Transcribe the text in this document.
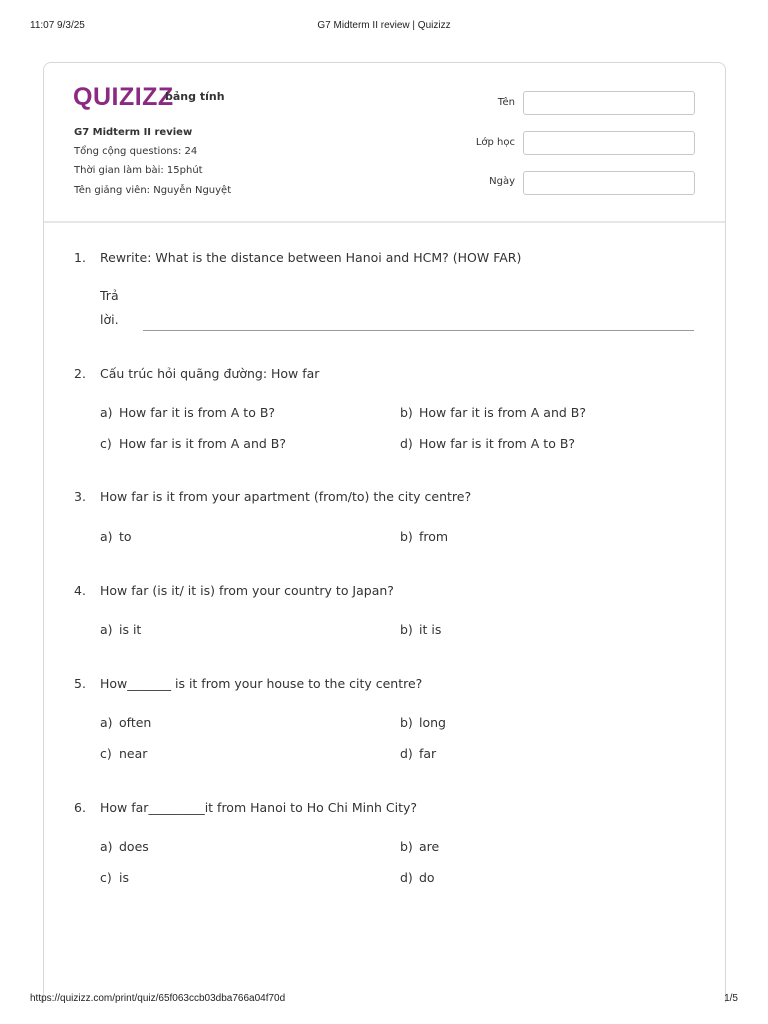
11:07 9/3/25	G7 Midterm II review | Quizizz
QUIZIZZ
bảng tính
G7 Midterm II review
Tổng cộng questions: 24
Thời gian làm bài: 15phút
Tên giảng viên: Nguyễn Nguyệt
Tên
Lớp học
Ngày
1. Rewrite: What is the distance between Hanoi and HCM? (HOW FAR)
Trả lời.
2. Cấu trúc hỏi quãng đường: How far
a) How far it is from A to B?	b) How far it is from A and B?
c) How far is it from A and B?	d) How far is it from A to B?
3. How far is it from your apartment (from/to) the city centre?
a) to	b) from
4. How far (is it/ it is) from your country to Japan?
a) is it	b) it is
5. How_______ is it from your house to the city centre?
a) often	b) long
c) near	d) far
6. How far_________it from Hanoi to Ho Chi Minh City?
a) does	b) are
c) is	d) do
https://quizizz.com/print/quiz/65f063ccb03dba766a04f70d	1/5
